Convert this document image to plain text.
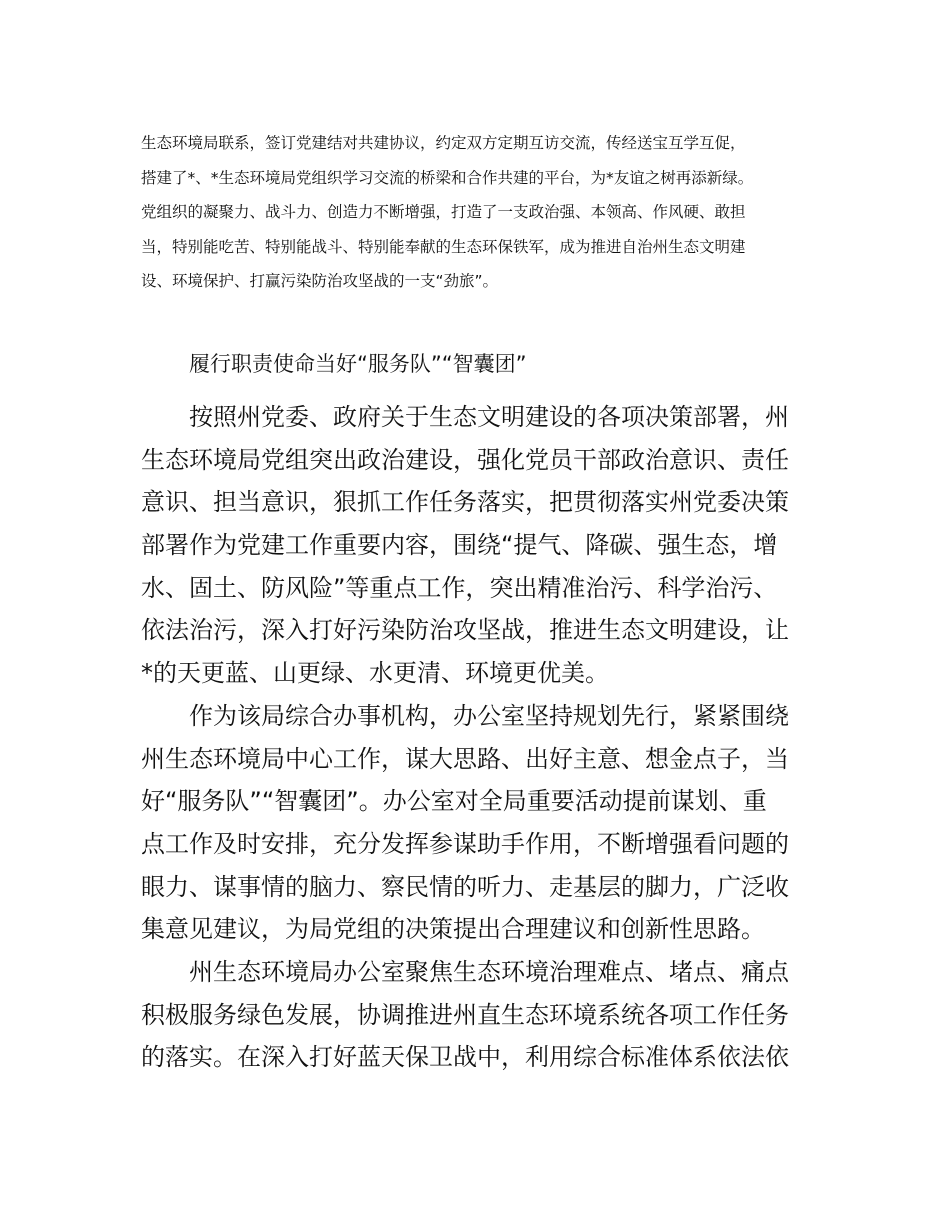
生态环境局联系，签订党建结对共建协议，约定双方定期互访交流，传经送宝互学互促，
搭建了*、*生态环境局党组织学习交流的桥梁和合作共建的平台，为*友谊之树再添新绿。
党组织的凝聚力、战斗力、创造力不断增强，打造了一支政治强、本领高、作风硬、敢担
当，特别能吃苦、特别能战斗、特别能奉献的生态环保铁军，成为推进自治州生态文明建
设、环境保护、打赢污染防治攻坚战的一支“劲旅”。
履行职责使命当好“服务队”“智囊团”
按照州党委、政府关于生态文明建设的各项决策部署，州
生态环境局党组突出政治建设，强化党员干部政治意识、责任
意识、担当意识，狠抓工作任务落实，把贯彻落实州党委决策
部署作为党建工作重要内容，围绕“提气、降碳、强生态，增
水、固土、防风险”等重点工作，突出精准治污、科学治污、
依法治污，深入打好污染防治攻坚战，推进生态文明建设，让
*的天更蓝、山更绿、水更清、环境更优美。
作为该局综合办事机构，办公室坚持规划先行，紧紧围绕
州生态环境局中心工作，谋大思路、出好主意、想金点子，当
好“服务队”“智囊团”。办公室对全局重要活动提前谋划、重
点工作及时安排，充分发挥参谋助手作用，不断增强看问题的
眼力、谋事情的脑力、察民情的听力、走基层的脚力，广泛收
集意见建议，为局党组的决策提出合理建议和创新性思路。
州生态环境局办公室聚焦生态环境治理难点、堵点、痛点
积极服务绿色发展，协调推进州直生态环境系统各项工作任务
的落实。在深入打好蓝天保卫战中，利用综合标准体系依法依
